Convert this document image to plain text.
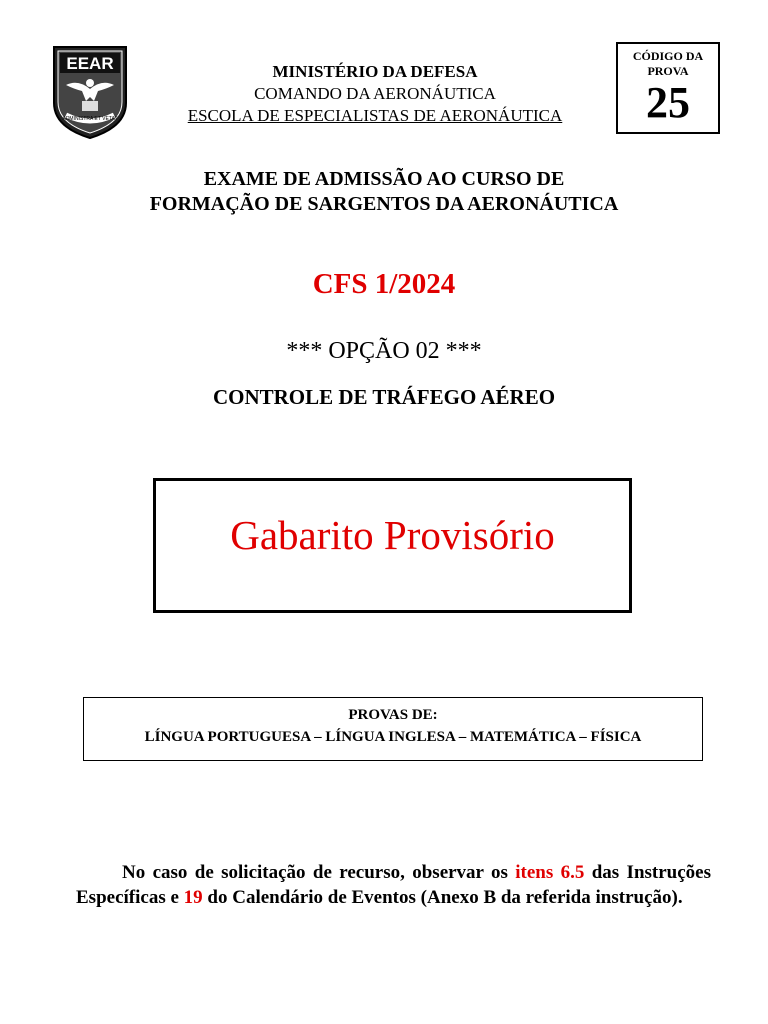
EEAR
ADMINISTRA ET VETAT
MINISTÉRIO DA DEFESA
COMANDO DA AERONÁUTICA
ESCOLA DE ESPECIALISTAS DE AERONÁUTICA
CÓDIGO DA
PROVA
25
EXAME DE ADMISSÃO AO CURSO DE
FORMAÇÃO DE SARGENTOS DA AERONÁUTICA
CFS 1/2024
*** OPÇÃO 02 ***
CONTROLE DE TRÁFEGO AÉREO
Gabarito Provisório
PROVAS DE:
LÍNGUA PORTUGUESA – LÍNGUA INGLESA – MATEMÁTICA – FÍSICA
No caso de solicitação de recurso, observar os itens 6.5 das Instruções Específicas e 19 do Calendário de Eventos (Anexo B da referida instrução).
